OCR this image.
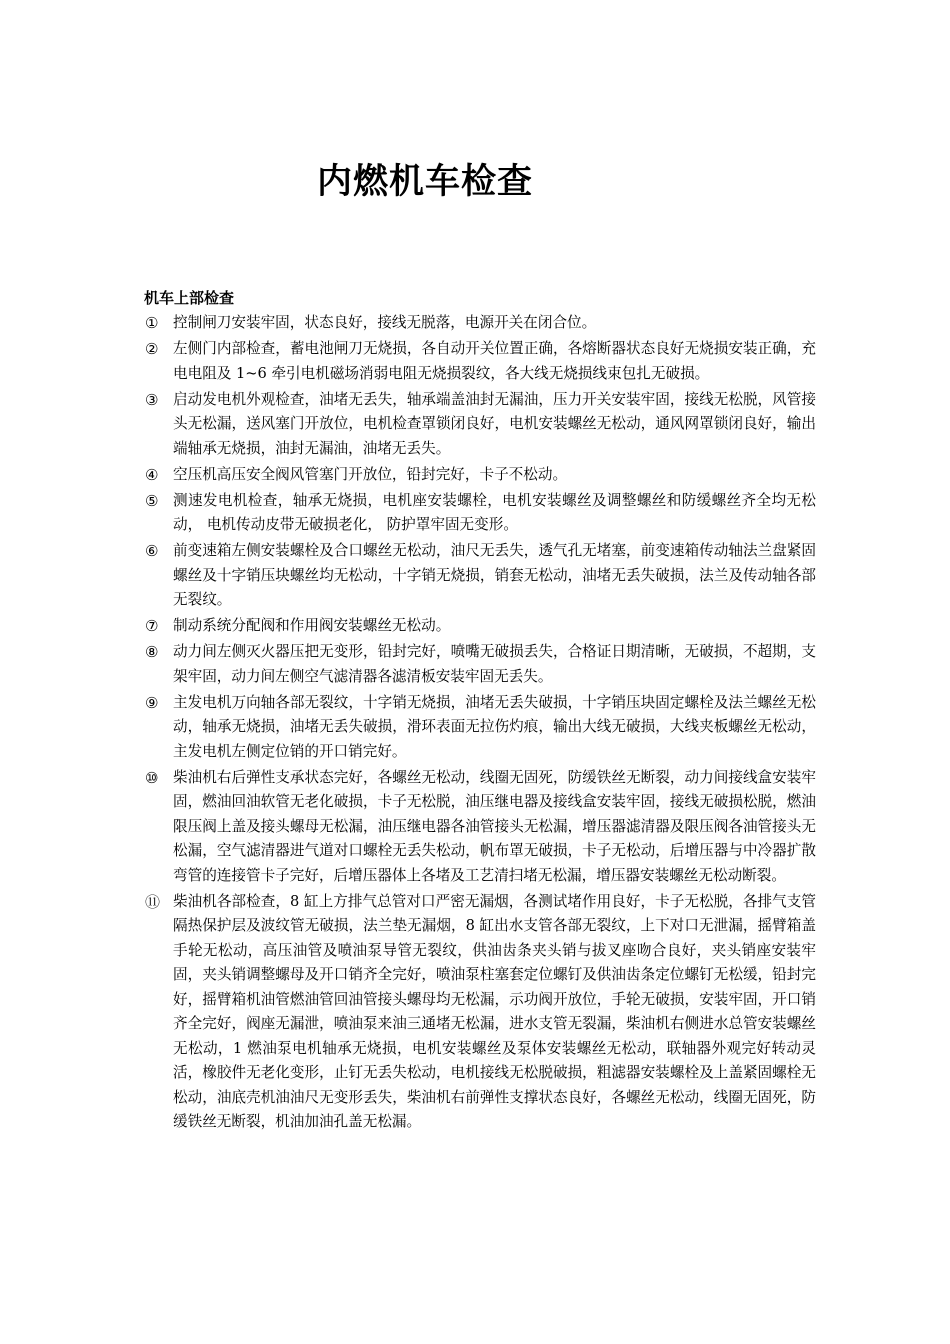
内燃机车检查
机车上部检查
① 控制闸刀安装牢固，状态良好，接线无脱落，电源开关在闭合位。
② 左侧门内部检查，蓄电池闸刀无烧损，各自动开关位置正确，各熔断器状态良好无烧损安装正确，充电电阻及 1~6 牵引电机磁场消弱电阻无烧损裂纹，各大线无烧损线束包扎无破损。
③ 启动发电机外观检查，油堵无丢失，轴承端盖油封无漏油，压力开关安装牢固，接线无松脱，风管接头无松漏，送风塞门开放位，电机检查罩锁闭良好，电机安装螺丝无松动，通风网罩锁闭良好，输出端轴承无烧损，油封无漏油，油堵无丢失。
④ 空压机高压安全阀风管塞门开放位，铅封完好，卡子不松动。
⑤ 测速发电机检查，轴承无烧损，电机座安装螺栓，电机安装螺丝及调整螺丝和防缓螺丝齐全均无松动， 电机传动皮带无破损老化， 防护罩牢固无变形。
⑥ 前变速箱左侧安装螺栓及合口螺丝无松动，油尺无丢失，透气孔无堵塞，前变速箱传动轴法兰盘紧固螺丝及十字销压块螺丝均无松动，十字销无烧损，销套无松动，油堵无丢失破损，法兰及传动轴各部无裂纹。
⑦ 制动系统分配阀和作用阀安装螺丝无松动。
⑧ 动力间左侧灭火器压把无变形，铅封完好，喷嘴无破损丢失，合格证日期清晰，无破损，不超期，支架牢固，动力间左侧空气滤清器各滤清板安装牢固无丢失。
⑨ 主发电机万向轴各部无裂纹，十字销无烧损，油堵无丢失破损，十字销压块固定螺栓及法兰螺丝无松动，轴承无烧损，油堵无丢失破损，滑环表面无拉伤灼痕，输出大线无破损，大线夹板螺丝无松动，主发电机左侧定位销的开口销完好。
⑩ 柴油机右后弹性支承状态完好，各螺丝无松动，线圈无固死，防缓铁丝无断裂，动力间接线盒安装牢固，燃油回油软管无老化破损，卡子无松脱，油压继电器及接线盒安装牢固，接线无破损松脱，燃油限压阀上盖及接头螺母无松漏，油压继电器各油管接头无松漏，增压器滤清器及限压阀各油管接头无松漏，空气滤清器进气道对口螺栓无丢失松动，帆布罩无破损，卡子无松动，后增压器与中冷器扩散弯管的连接管卡子完好，后增压器体上各堵及工艺清扫堵无松漏，增压器安装螺丝无松动断裂。
⑪ 柴油机各部检查，8 缸上方排气总管对口严密无漏烟，各测试堵作用良好，卡子无松脱，各排气支管隔热保护层及波纹管无破损，法兰垫无漏烟，8 缸出水支管各部无裂纹，上下对口无泄漏，摇臂箱盖手轮无松动，高压油管及喷油泵导管无裂纹，供油齿条夹头销与拔叉座吻合良好，夹头销座安装牢固，夹头销调整螺母及开口销齐全完好，喷油泵柱塞套定位螺钉及供油齿条定位螺钉无松缓，铅封完好，摇臂箱机油管燃油管回油管接头螺母均无松漏，示功阀开放位，手轮无破损，安装牢固，开口销齐全完好，阀座无漏泄，喷油泵来油三通堵无松漏，进水支管无裂漏，柴油机右侧进水总管安装螺丝无松动，1 燃油泵电机轴承无烧损，电机安装螺丝及泵体安装螺丝无松动，联轴器外观完好转动灵活，橡胶件无老化变形，止钉无丢失松动，电机接线无松脱破损，粗滤器安装螺栓及上盖紧固螺栓无松动，油底壳机油油尺无变形丢失，柴油机右前弹性支撑状态良好，各螺丝无松动，线圈无固死，防缓铁丝无断裂，机油加油孔盖无松漏。
